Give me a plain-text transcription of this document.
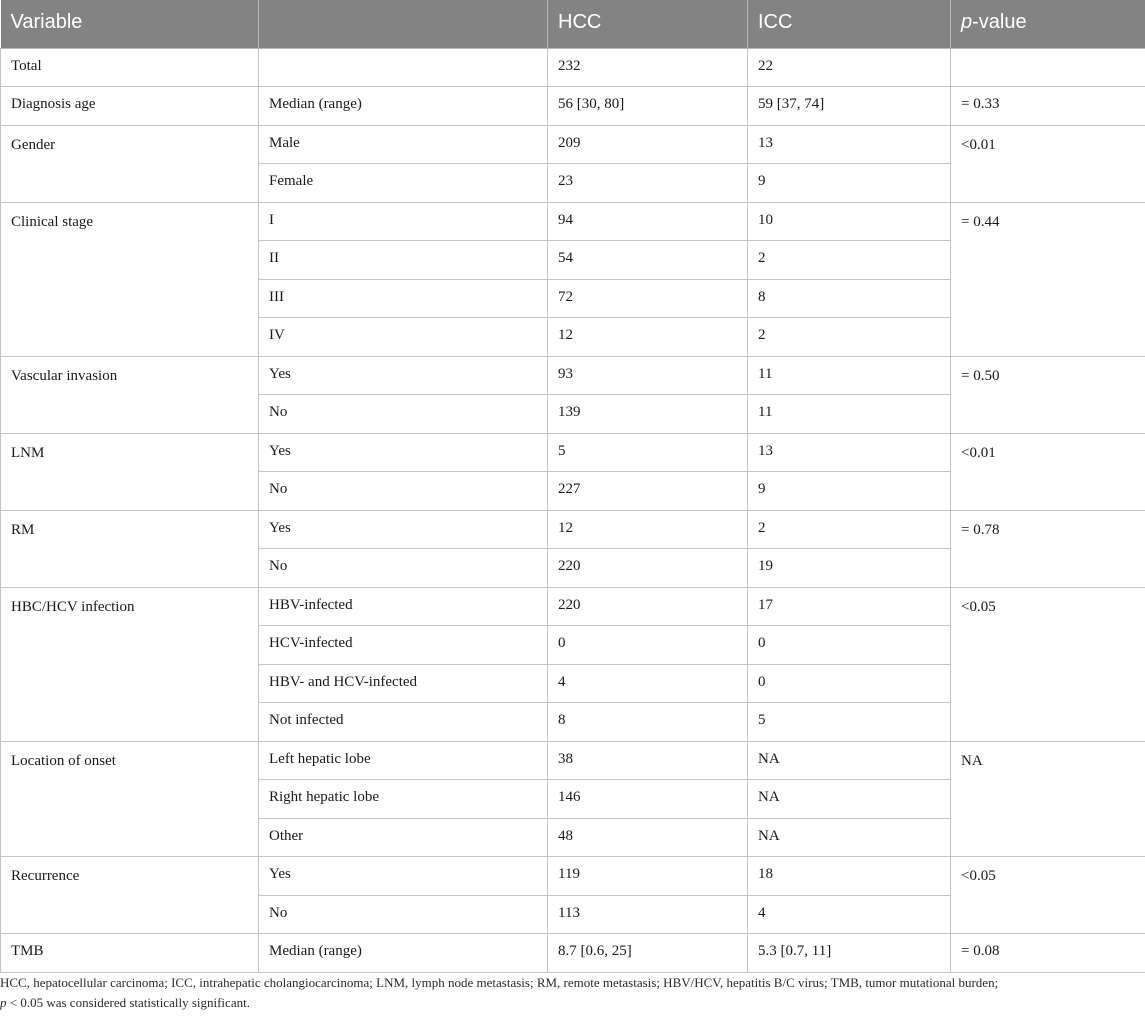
Variable		HCC	ICC	p-value
Total		232	22	
Diagnosis age	Median (range)	56 [30, 80]	59 [37, 74]	= 0.33
Gender	Male	209	13	<0.01
	Female	23	9	
Clinical stage	I	94	10	= 0.44
	II	54	2	
	III	72	8	
	IV	12	2	
Vascular invasion	Yes	93	11	= 0.50
	No	139	11	
LNM	Yes	5	13	<0.01
	No	227	9	
RM	Yes	12	2	= 0.78
	No	220	19	
HBC/HCV infection	HBV-infected	220	17	<0.05
	HCV-infected	0	0	
	HBV- and HCV-infected	4	0	
	Not infected	8	5	
Location of onset	Left hepatic lobe	38	NA	NA
	Right hepatic lobe	146	NA	
	Other	48	NA	
Recurrence	Yes	119	18	<0.05
	No	113	4	
TMB	Median (range)	8.7 [0.6, 25]	5.3 [0.7, 11]	= 0.08
HCC, hepatocellular carcinoma; ICC, intrahepatic cholangiocarcinoma; LNM, lymph node metastasis; RM, remote metastasis; HBV/HCV, hepatitis B/C virus; TMB, tumor mutational burden;
p < 0.05 was considered statistically significant.
